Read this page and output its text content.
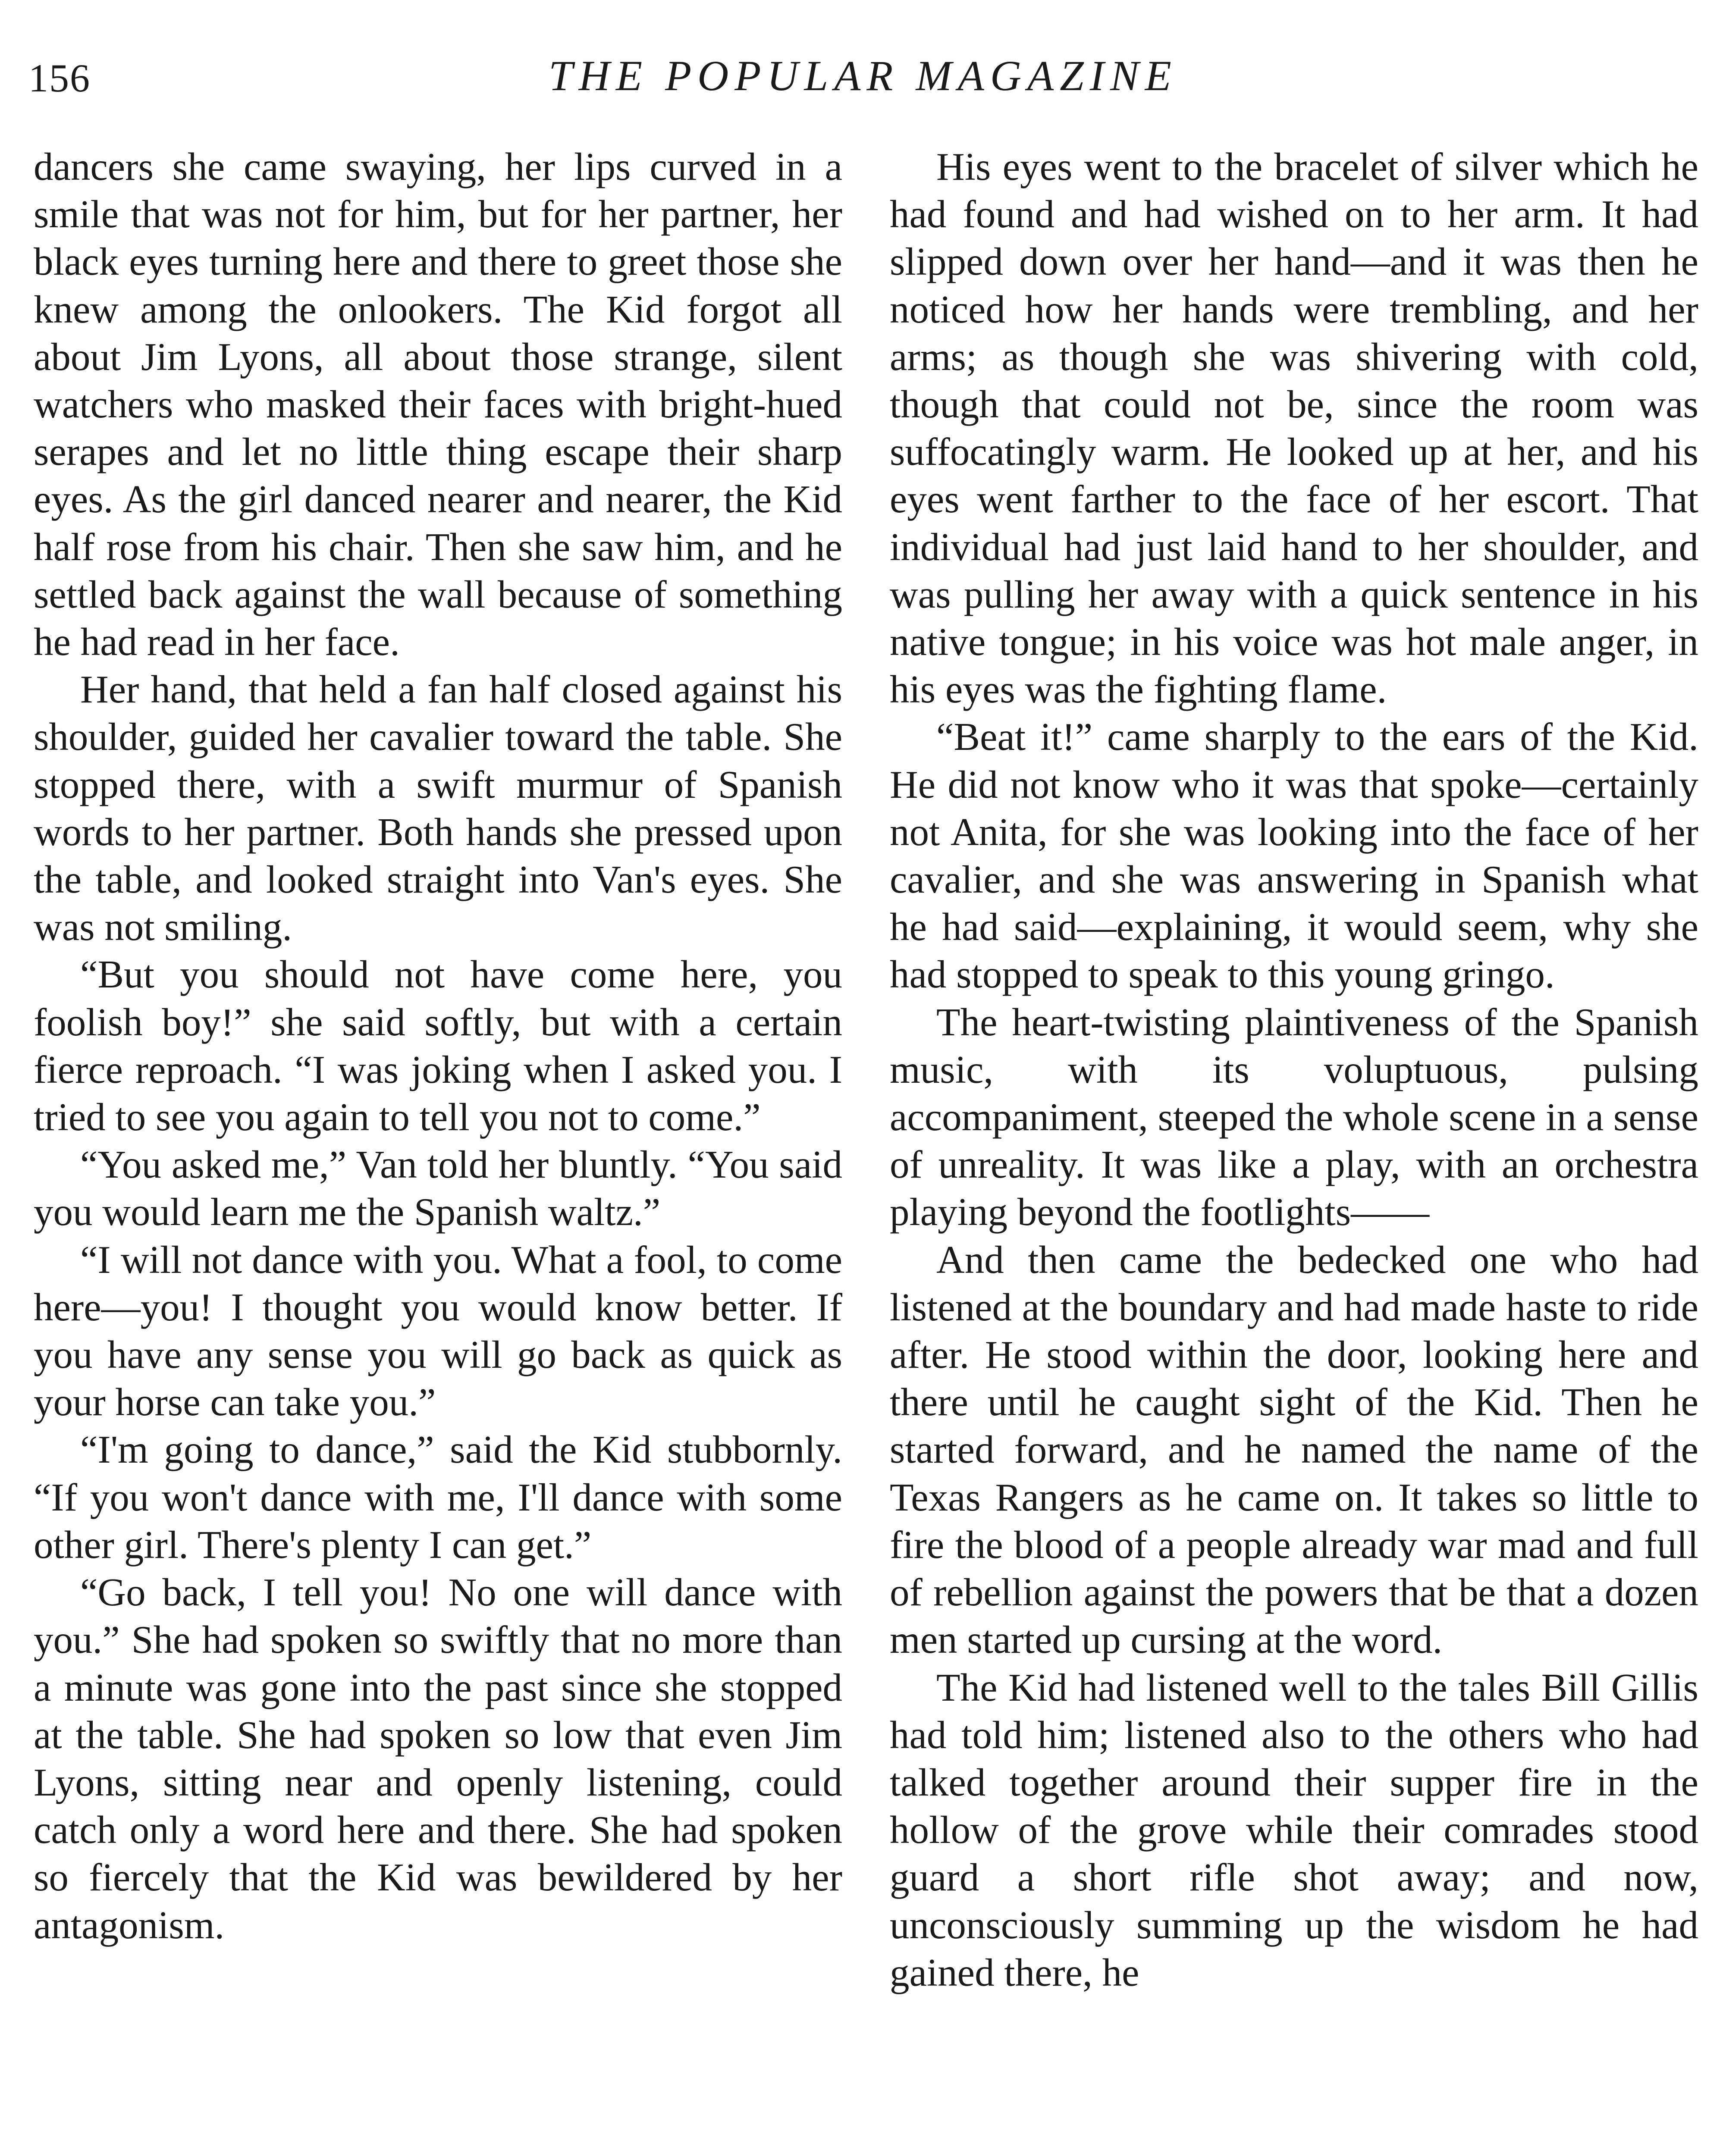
156	THE POPULAR MAGAZINE

dancers she came swaying, her lips curved in a smile that was not for him, but for her partner, her black eyes turning here and there to greet those she knew among the onlookers. The Kid forgot all about Jim Lyons, all about those strange, silent watchers who masked their faces with bright-hued serapes and let no little thing escape their sharp eyes. As the girl danced nearer and nearer, the Kid half rose from his chair. Then she saw him, and he settled back against the wall because of something he had read in her face.

Her hand, that held a fan half closed against his shoulder, guided her cavalier toward the table. She stopped there, with a swift murmur of Spanish words to her partner. Both hands she pressed upon the table, and looked straight into Van's eyes. She was not smiling.

“But you should not have come here, you foolish boy!” she said softly, but with a certain fierce reproach. “I was joking when I asked you. I tried to see you again to tell you not to come.”

“You asked me,” Van told her bluntly. “You said you would learn me the Spanish waltz.”

“I will not dance with you. What a fool, to come here—you! I thought you would know better. If you have any sense you will go back as quick as your horse can take you.”

“I'm going to dance,” said the Kid stubbornly. “If you won't dance with me, I'll dance with some other girl. There's plenty I can get.”

“Go back, I tell you! No one will dance with you.” She had spoken so swiftly that no more than a minute was gone into the past since she stopped at the table. She had spoken so low that even Jim Lyons, sitting near and openly listening, could catch only a word here and there. She had spoken so fiercely that the Kid was bewildered by her antagonism.

His eyes went to the bracelet of silver which he had found and had wished on to her arm. It had slipped down over her hand—and it was then he noticed how her hands were trembling, and her arms; as though she was shivering with cold, though that could not be, since the room was suffocatingly warm. He looked up at her, and his eyes went farther to the face of her escort. That individual had just laid hand to her shoulder, and was pulling her away with a quick sentence in his native tongue; in his voice was hot male anger, in his eyes was the fighting flame.

“Beat it!” came sharply to the ears of the Kid. He did not know who it was that spoke—certainly not Anita, for she was looking into the face of her cavalier, and she was answering in Spanish what he had said—explaining, it would seem, why she had stopped to speak to this young gringo.

The heart-twisting plaintiveness of the Spanish music, with its voluptuous, pulsing accompaniment, steeped the whole scene in a sense of unreality. It was like a play, with an orchestra playing beyond the footlights——

And then came the bedecked one who had listened at the boundary and had made haste to ride after. He stood within the door, looking here and there until he caught sight of the Kid. Then he started forward, and he named the name of the Texas Rangers as he came on. It takes so little to fire the blood of a people already war mad and full of rebellion against the powers that be that a dozen men started up cursing at the word.

The Kid had listened well to the tales Bill Gillis had told him; listened also to the others who had talked together around their supper fire in the hollow of the grove while their comrades stood guard a short rifle shot away; and now, unconsciously summing up the wisdom he had gained there, he
